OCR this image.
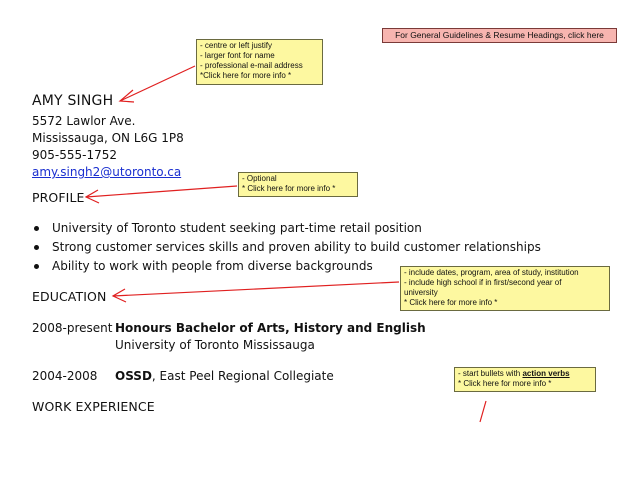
For General Guidelines & Resume Headings, click here
- centre or left justify
- larger font for name
- professional e-mail address
*Click here for more info *
- Optional
* Click here for more info *
- include dates, program, area of study, institution
- include high school if in first/second year of
university
* Click here for more info *
- start bullets with action verbs
* Click here for more info *
AMY SINGH
5572 Lawlor Ave.
Mississauga, ON L6G 1P8
905-555-1752
amy.singh2@utoronto.ca
PROFILE
University of Toronto student seeking part-time retail position
Strong customer services skills and proven ability to build customer relationships
Ability to work with people from diverse backgrounds
EDUCATION
2008-present Honours Bachelor of Arts, History and English
University of Toronto Mississauga
2004-2008 OSSD, East Peel Regional Collegiate
WORK EXPERIENCE
